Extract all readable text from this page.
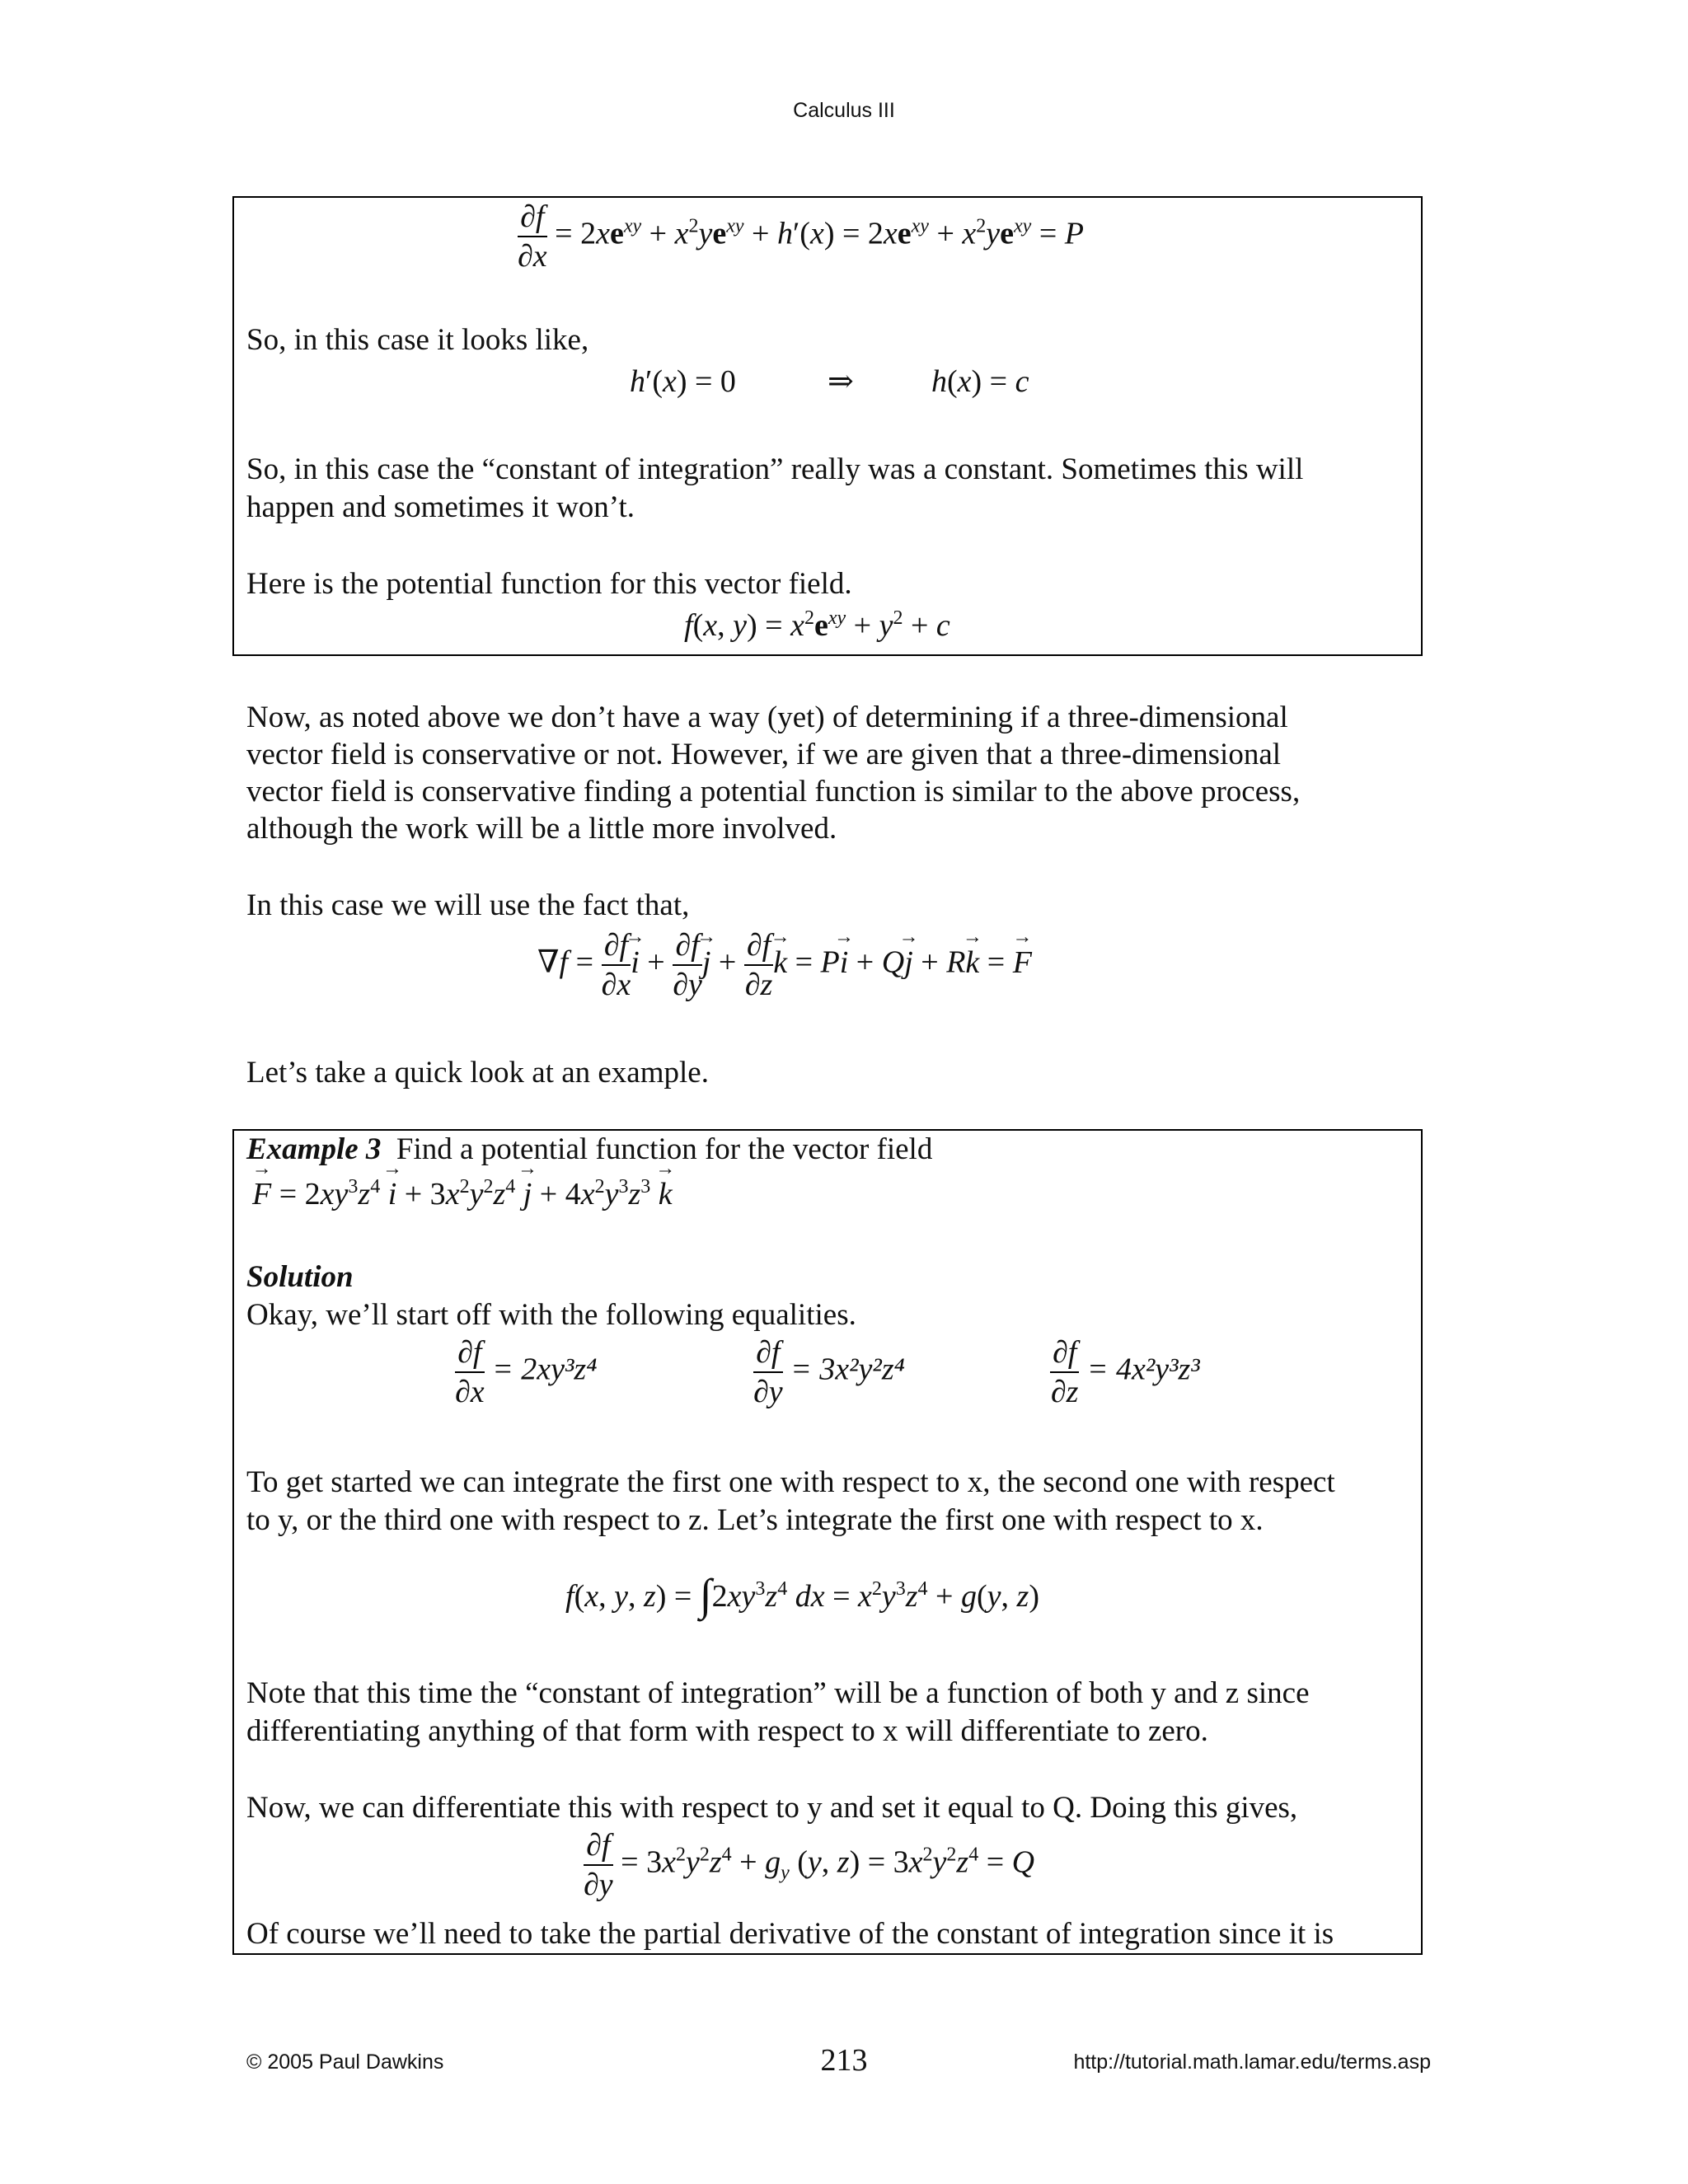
Calculus III
$\frac{\partial f}{\partial x} = 2xe^{xy} + x^2ye^{xy} + h'(x) = 2xe^{xy} + x^2ye^{xy} = P$
So, in this case it looks like,
h′(x) = 0	⇒ h(x) = c
So, in this case the “constant of integration” really was a constant. Sometimes this will
happen and sometimes it won’t.
Here is the potential function for this vector field.
f(x, $y) = x^2e^{xy} + y^2 + c$
Now, as noted above we don’t have a way (yet) of determining if a three-dimensional
vector field is conservative or not. However, if we are given that a three-dimensional
vector field is conservative finding a potential function is similar to the above process,
although the work will be a little more involved.
In this case we will use the fact that,
$\nabla f = \frac{\partial f}{\partial x}$
→ $i + \frac{\partial f}{\partial y}$
→ $j + \frac{\partial f}{\partial z}$
→ k = P→ i + Q→ j + R→ k = → F
Let’s take a quick look at an example.
Example 3 Find a potential function for the vector field
→ $F = 2xy^3z^4 \to i + 3x^2y^2z^4 \to j + 4x^2y^3z^3 \to k$
Solution
Okay, we’ll start off with the following equalities.
$\frac{\partial f}{\partial x} = 2xy^3z^4$	$\frac{\partial f}{\partial y} = 3x^2y^2z^4$	$\frac{\partial f}{\partial z} = 4x^2y^3z^3$
To get started we can integrate the first one with respect to x, the second one with respect
to y, or the third one with respect to z. Let’s integrate the first one with respect to x.
f(x, y, $z) = \int 2xy^3z^4$ dx = $x^2y^3z^4 + g(y$, z)
Note that this time the “constant of integration” will be a function of both y and z since
differentiating anything of that form with respect to x will differentiate to zero.
Now, we can differentiate this with respect to y and set it equal to Q. Doing this gives,
$\frac{\partial f}{\partial y} = 3x^2y^2z^4 + g_y$ (y, $z) = 3x^2y^2z^4 = Q$
Of course we’ll need to take the partial derivative of the constant of integration since it is
© 2005 Paul Dawkins	213	http://tutorial.math.lamar.edu/terms.asp
